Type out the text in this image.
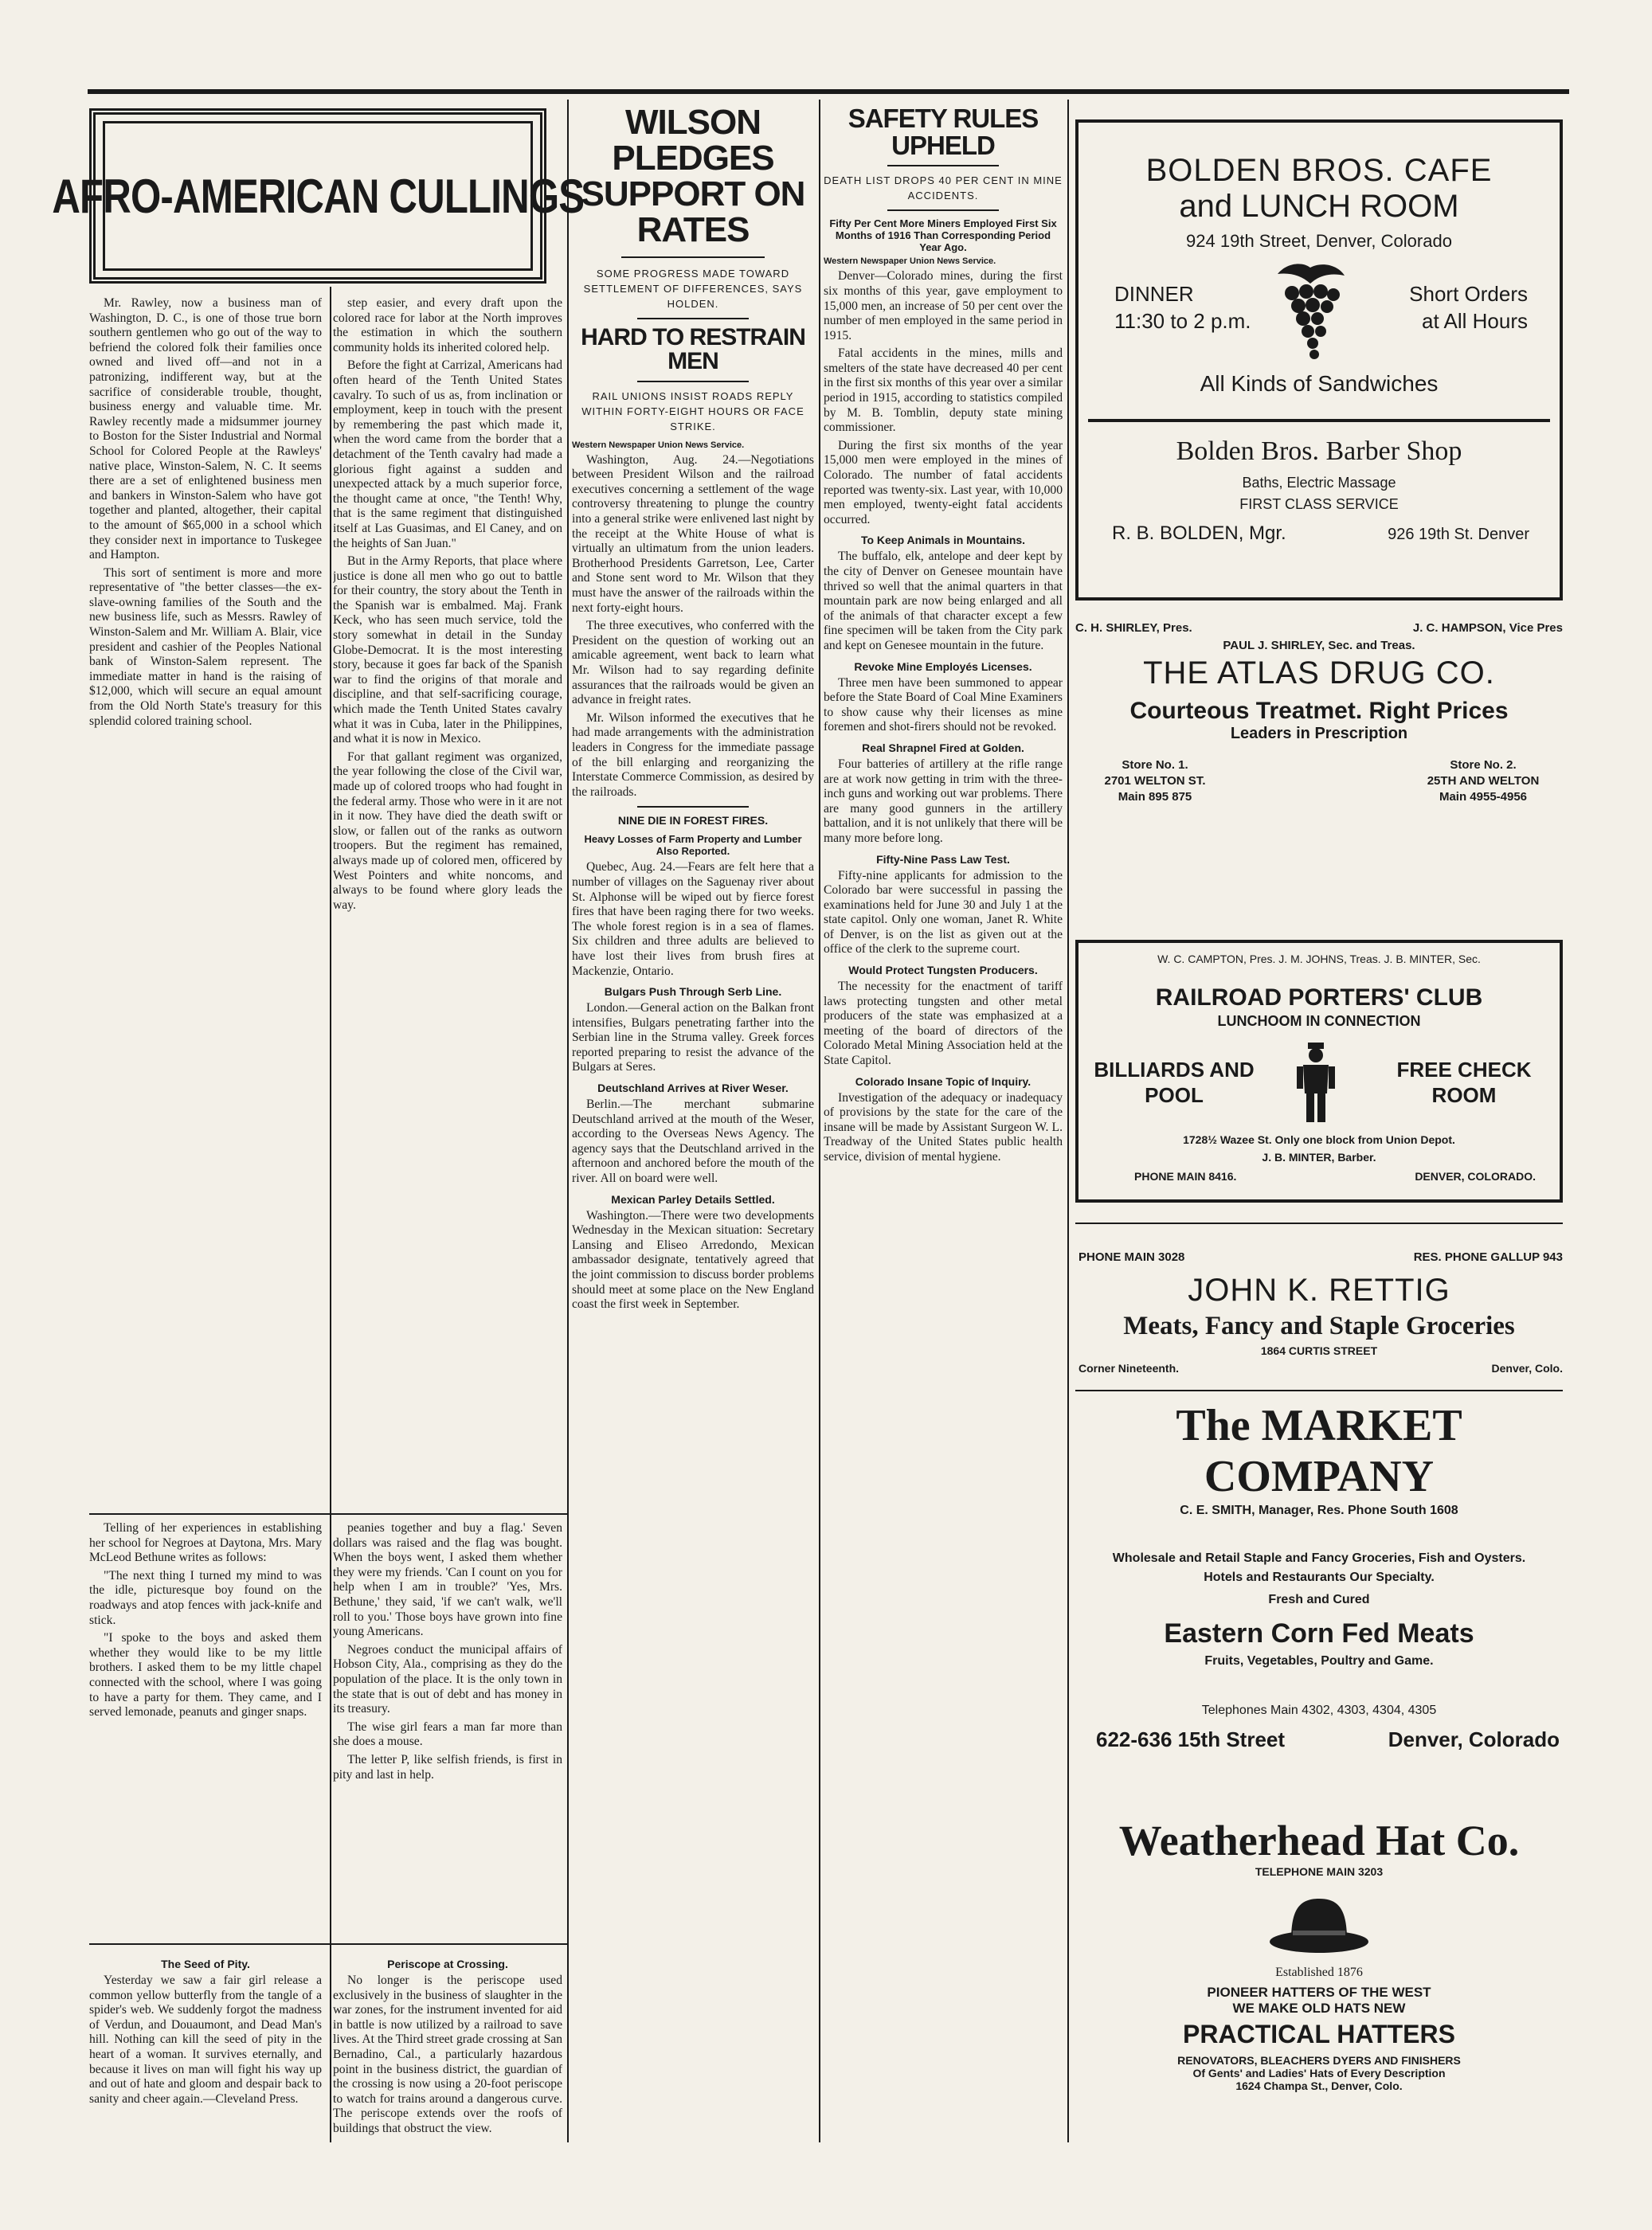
AFRO-AMERICAN CULLINGS

Mr. Rawley, now a business man of Washington, D. C., is one of those true born southern gentlemen who go out of the way to befriend the colored folk their families once owned and lived off—and not in a patronizing, indifferent way, but at the sacrifice of considerable trouble, thought, business energy and valuable time. Mr. Rawley recently made a midsummer journey to Boston for the Sister Industrial and Normal School for Colored People at the Rawleys' native place, Winston-Salem, N. C. It seems there are a set of enlightened business men and bankers in Winston-Salem who have got together and planted, altogether, their capital to the amount of $65,000 in a school which they consider next in importance to Tuskegee and Hampton.

This sort of sentiment is more and more representative of "the better classes—the ex-slave-owning families of the South and the new business life, such as Messrs. Rawley of Winston-Salem and Mr. William A. Blair, vice president and cashier of the Peoples National bank of Winston-Salem represent. The immediate matter in hand is the raising of $12,000, which will secure an equal amount from the Old North State's treasury for this splendid colored training school.

Telling of her experiences in establishing her school for Negroes at Daytona, Mrs. Mary McLeod Bethune writes as follows:

"The next thing I turned my mind to was the idle, picturesque boy found on the roadways and atop fences with jack-knife and stick.

"I spoke to the boys and asked them whether they would like to be my little brothers. I asked them to be my little chapel connected with the school, where I was going to have a party for them. They came, and I served lemonade, peanuts and ginger snaps.

The Seed of Pity.

Yesterday we saw a fair girl release a common yellow butterfly from the tangle of a spider's web. We suddenly forgot the madness of Verdun, and Douaumont, and Dead Man's hill. Nothing can kill the seed of pity in the heart of a woman. It survives eternally, and because it lives on man will fight his way up and out of hate and gloom and despair back to sanity and cheer again.—Cleveland Press.

step easier, and every draft upon the colored race for labor at the North improves the estimation in which the southern community holds its inherited colored help.

Before the fight at Carrizal, Americans had often heard of the Tenth United States cavalry. To such of us as, from inclination or employment, keep in touch with the present by remembering the past which made it, when the word came from the border that a detachment of the Tenth cavalry had made a glorious fight against a sudden and unexpected attack by a much superior force, the thought came at once, "the Tenth! Why, that is the same regiment that distinguished itself at Las Guasimas, and El Caney, and on the heights of San Juan."

But in the Army Reports, that place where justice is done all men who go out to battle for their country, the story about the Tenth in the Spanish war is embalmed. Maj. Frank Keck, who has seen much service, told the story somewhat in detail in the Sunday Globe-Democrat. It is the most interesting story, because it goes far back of the Spanish war to find the origins of that morale and discipline, and that self-sacrificing courage, which made the Tenth United States cavalry what it was in Cuba, later in the Philippines, and what it is now in Mexico.

For that gallant regiment was organized, the year following the close of the Civil war, made up of colored troops who had fought in the federal army. Those who were in it are not in it now. They have died the death swift or slow, or fallen out of the ranks as outworn troopers. But the regiment has remained, always made up of colored men, officered by West Pointers and white noncoms, and always to be found where glory leads the way.

peanies together and buy a flag.' Seven dollars was raised and the flag was bought. When the boys went, I asked them whether they were my friends. 'Can I count on you for help when I am in trouble?' 'Yes, Mrs. Bethune,' they said, 'if we can't walk, we'll roll to you.' Those boys have grown into fine young Americans.

Negroes conduct the municipal affairs of Hobson City, Ala., comprising as they do the population of the place. It is the only town in the state that is out of debt and has money in its treasury.

The wise girl fears a man far more than she does a mouse.

The letter P, like selfish friends, is first in pity and last in help.

Periscope at Crossing.

No longer is the periscope used exclusively in the business of slaughter in the war zones, for the instrument invented for aid in battle is now utilized by a railroad to save lives. At the Third street grade crossing at San Bernadino, Cal., a particularly hazardous point in the business district, the guardian of the crossing is now using a 20-foot periscope to watch for trains around a dangerous curve. The periscope extends over the roofs of buildings that obstruct the view.

WILSON PLEDGES SUPPORT ON RATES
SOME PROGRESS MADE TOWARD SETTLEMENT OF DIFFERENCES, SAYS HOLDEN.
HARD TO RESTRAIN MEN
RAIL UNIONS INSIST ROADS REPLY WITHIN FORTY-EIGHT HOURS OR FACE STRIKE.
Western Newspaper Union News Service.

Washington, Aug. 24.—Negotiations between President Wilson and the railroad executives concerning a settlement of the wage controversy threatening to plunge the country into a general strike were enlivened last night by the receipt at the White House of what is virtually an ultimatum from the union leaders. Brotherhood Presidents Garretson, Lee, Carter and Stone sent word to Mr. Wilson that they must have the answer of the railroads within the next forty-eight hours.

The three executives, who conferred with the President on the question of working out an amicable agreement, went back to learn what Mr. Wilson had to say regarding definite assurances that the railroads would be given an advance in freight rates.

Mr. Wilson informed the executives that he had made arrangements with the administration leaders in Congress for the immediate passage of the bill enlarging and reorganizing the Interstate Commerce Commission, as desired by the railroads.

NINE DIE IN FOREST FIRES.
Heavy Losses of Farm Property and Lumber Also Reported.

Quebec, Aug. 24.—Fears are felt here that a number of villages on the Saguenay river about St. Alphonse will be wiped out by fierce forest fires that have been raging there for two weeks. The whole forest region is in a sea of flames. Six children and three adults are believed to have lost their lives from brush fires at Mackenzie, Ontario.

Bulgars Push Through Serb Line.

London.—General action on the Balkan front intensifies, Bulgars penetrating farther into the Serbian line in the Struma valley. Greek forces reported preparing to resist the advance of the Bulgars at Seres.

Deutschland Arrives at River Weser.

Berlin.—The merchant submarine Deutschland arrived at the mouth of the Weser, according to the Overseas News Agency. The agency says that the Deutschland arrived in the afternoon and anchored before the mouth of the river. All on board were well.

Mexican Parley Details Settled.

Washington.—There were two developments Wednesday in the Mexican situation: Secretary Lansing and Eliseo Arredondo, Mexican ambassador designate, tentatively agreed that the joint commission to discuss border problems should meet at some place on the New England coast the first week in September.

SAFETY RULES UPHELD
DEATH LIST DROPS 40 PER CENT IN MINE ACCIDENTS.
Fifty Per Cent More Miners Employed First Six Months of 1916 Than Corresponding Period Year Ago.
Western Newspaper Union News Service.

Denver—Colorado mines, during the first six months of this year, gave employment to 15,000 men, an increase of 50 per cent over the number of men employed in the same period in 1915.

Fatal accidents in the mines, mills and smelters of the state have decreased 40 per cent in the first six months of this year over a similar period in 1915, according to statistics compiled by M. B. Tomblin, deputy state mining commissioner.

During the first six months of the year 15,000 men were employed in the mines of Colorado. The number of fatal accidents reported was twenty-six. Last year, with 10,000 men employed, twenty-eight fatal accidents occurred.

To Keep Animals in Mountains.

The buffalo, elk, antelope and deer kept by the city of Denver on Genesee mountain have thrived so well that the animal quarters in that mountain park are now being enlarged and all of the animals of that character except a few fine specimen will be taken from the City park and kept on Genesee mountain in the future.

Revoke Mine Employés Licenses.

Three men have been summoned to appear before the State Board of Coal Mine Examiners to show cause why their licenses as mine foremen and shot-firers should not be revoked.

Real Shrapnel Fired at Golden.

Four batteries of artillery at the rifle range are at work now getting in trim with the three-inch guns and working out war problems. There are many good gunners in the artillery battalion, and it is not unlikely that there will be many more before long.

Fifty-Nine Pass Law Test.

Fifty-nine applicants for admission to the Colorado bar were successful in passing the examinations held for June 30 and July 1 at the state capitol. Only one woman, Janet R. White of Denver, is on the list as given out at the office of the clerk to the supreme court.

Would Protect Tungsten Producers.

The necessity for the enactment of tariff laws protecting tungsten and other metal producers of the state was emphasized at a meeting of the board of directors of the Colorado Metal Mining Association held at the State Capitol.

Colorado Insane Topic of Inquiry.

Investigation of the adequacy or inadequacy of provisions by the state for the care of the insane will be made by Assistant Surgeon W. L. Treadway of the United States public health service, division of mental hygiene.

BOLDEN BROS. CAFE
and LUNCH ROOM
924 19th Street, Denver, Colorado
DINNER
11:30 to 2 p.m.
Short Orders
at All Hours
All Kinds of Sandwiches
Bolden Bros. Barber Shop
Baths, Electric Massage
FIRST CLASS SERVICE
R. B. BOLDEN, Mgr.	926 19th St. Denver
C. H. SHIRLEY, Pres.	J. C. HAMPSON, Vice Pres
PAUL J. SHIRLEY, Sec. and Treas.
THE ATLAS DRUG CO.
Courteous Treatmet. Right Prices
Leaders in Prescription
Store No. 1.
2701 WELTON ST.
Main 895 875
Store No. 2.
25TH AND WELTON
Main 4955-4956
W. C. CAMPTON, Pres. J. M. JOHNS, Treas. J. B. MINTER, Sec.
RAILROAD PORTERS' CLUB
LUNCHOOM IN CONNECTION
BILLIARDS AND
POOL
FREE CHECK
ROOM
1728½ Wazee St. Only one block from Union Depot.
J. B. MINTER, Barber.
PHONE MAIN 8416.	DENVER, COLORADO.
PHONE MAIN 3028	RES. PHONE GALLUP 943
JOHN K. RETTIG
Meats, Fancy and Staple Groceries
1864 CURTIS STREET
Corner Nineteenth.	Denver, Colo.
The MARKET COMPANY
C. E. SMITH, Manager, Res. Phone South 1608
Wholesale and Retail Staple and Fancy Groceries, Fish and Oysters.
Hotels and Restaurants Our Specialty.
Fresh and Cured
Eastern Corn Fed Meats
Fruits, Vegetables, Poultry and Game.
Telephones Main 4302, 4303, 4304, 4305
622-636 15th Street	Denver, Colorado
Weatherhead Hat Co.
TELEPHONE MAIN 3203
Established 1876
PIONEER HATTERS OF THE WEST
WE MAKE OLD HATS NEW
PRACTICAL HATTERS
RENOVATORS, BLEACHERS DYERS AND FINISHERS
Of Gents' and Ladies' Hats of Every Description
1624 Champa St., Denver, Colo.
